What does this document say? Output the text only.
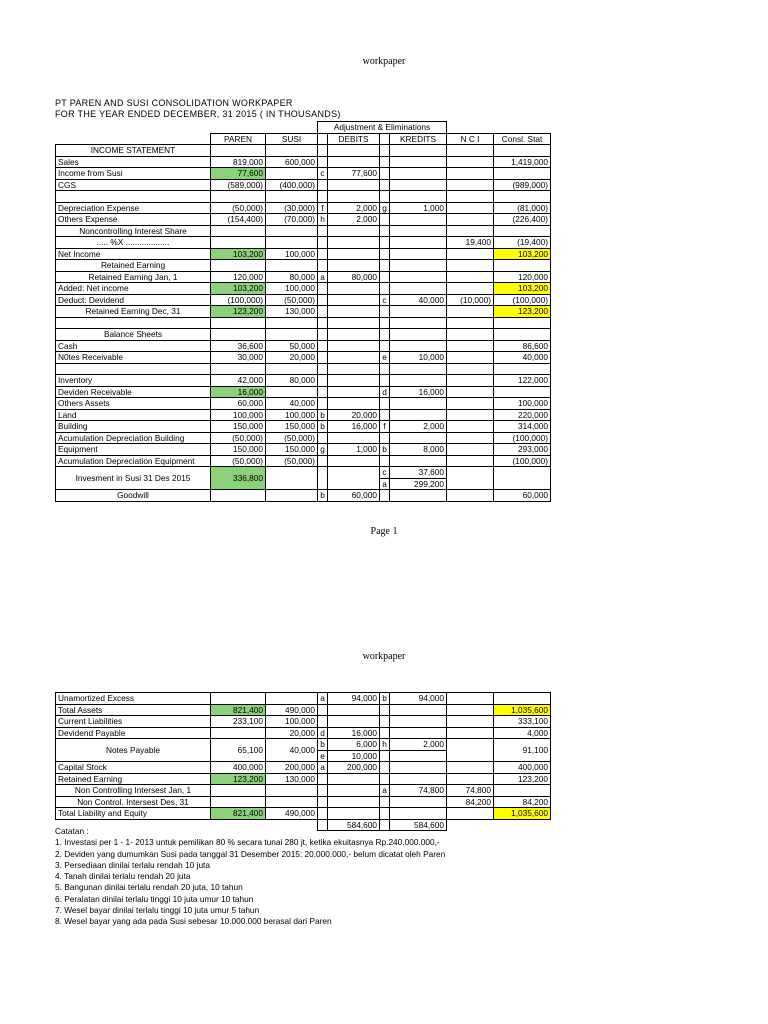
workpaper
PT PAREN AND SUSI CONSOLIDATION WORKPAPER
FOR THE YEAR ENDED DECEMBER, 31 2015 ( IN THOUSANDS)
			Adjustment & Eliminations					
	PAREN	SUSI		DEBITS		KREDITS	N C I	Consl. Stat
INCOME STATEMENT								
Sales	819,000	600,000						1,419,000
Income from Susi	77,600		c	77,600				
CGS	(589,000)	(400,000)						(989,000)

Depreciation Expense	(50,000)	(30,000)	f	2,000	g	1,000		(81,000)
Others Expense	(154,400)	(70,000)	h	2,000				(226,400)
Noncontrolling Interest Share								
..... %X ...................							19,400	(19,400)
Net Income	103,200	100,000						103,200
Retained Earning								
Retained Earning Jan, 1	120,000	80,000	a	80,000				120,000
Added: Net income	103,200	100,000						103,200
Deduct: Devidend	(100,000)	(50,000)			c	40,000	(10,000)	(100,000)
Retained Earning Dec, 31	123,200	130,000						123,200

Balance Sheets								
Cash	36,600	50,000						86,600
N0tes Receivable	30,000	20,000			e	10,000		40,000

Inventory	42,000	80,000						122,000
Deviden Receivable	16,000				d	16,000		
Others Assets	60,000	40,000						100,000
Land	100,000	100,000	b	20,000				220,000
Building	150,000	150,000	b	16,000	f	2,000		314,000
Acumulation Depreciation Building	(50,000)	(50,000)						(100,000)
Equipment	150,000	150,000	g	1,000	b	8,000		293,000
Acumulation Depreciation Equipment	(50,000)	(50,000)						(100,000)
Invesment in Susi 31 Des 2015	336,800				c	37,600		
					a	299,200		
Goodwill			b	60,000				60,000
Page 1
workpaper
Unamortized Excess			a	94,000	b	94,000		
Total Assets	821,400	490,000						1,035,600
Current Liabilities	233,100	100,000						333,100
Devidend Payable		20,000	d	16,000				4,000
Notes Payable	65,100	40,000	b	6,000	h	2,000		91,100
			e	10,000				
Capital Stock	400,000	200,000	a	200,000				400,000
Retained Earning	123,200	130,000						123,200
Non Controlling Intersest Jan, 1					a	74,800	74,800	
Non Control. Intersest Des, 31							84,200	84,200
Total Liability and Equity	821,400	490,000						1,035,600
				584,600		584,600		
Catatan :
1. Investasi per 1 - 1- 2013 untuk pemilikan 80 % secara tunai 280 jt, ketika ekuitasnya Rp.240.000.000,-
2. Deviden yang dumumkan Susi pada tanggal 31 Desember 2015: 20.000.000,- belum dicatat oleh Paren
3. Persediaan dinilai terlalu rendah 10 juta
4. Tanah dinilai terlalu rendah 20 juta
5. Bangunan dinilai terlalu rendah 20 juta, 10 tahun
6. Peralatan dinilai terlalu tinggi 10 juta umur 10 tahun
7. Wesel bayar dinilai terlalu tinggi 10 juta umur 5 tahun
8. Wesel bayar yang ada pada Susi sebesar 10.000.000 berasal dari Paren
